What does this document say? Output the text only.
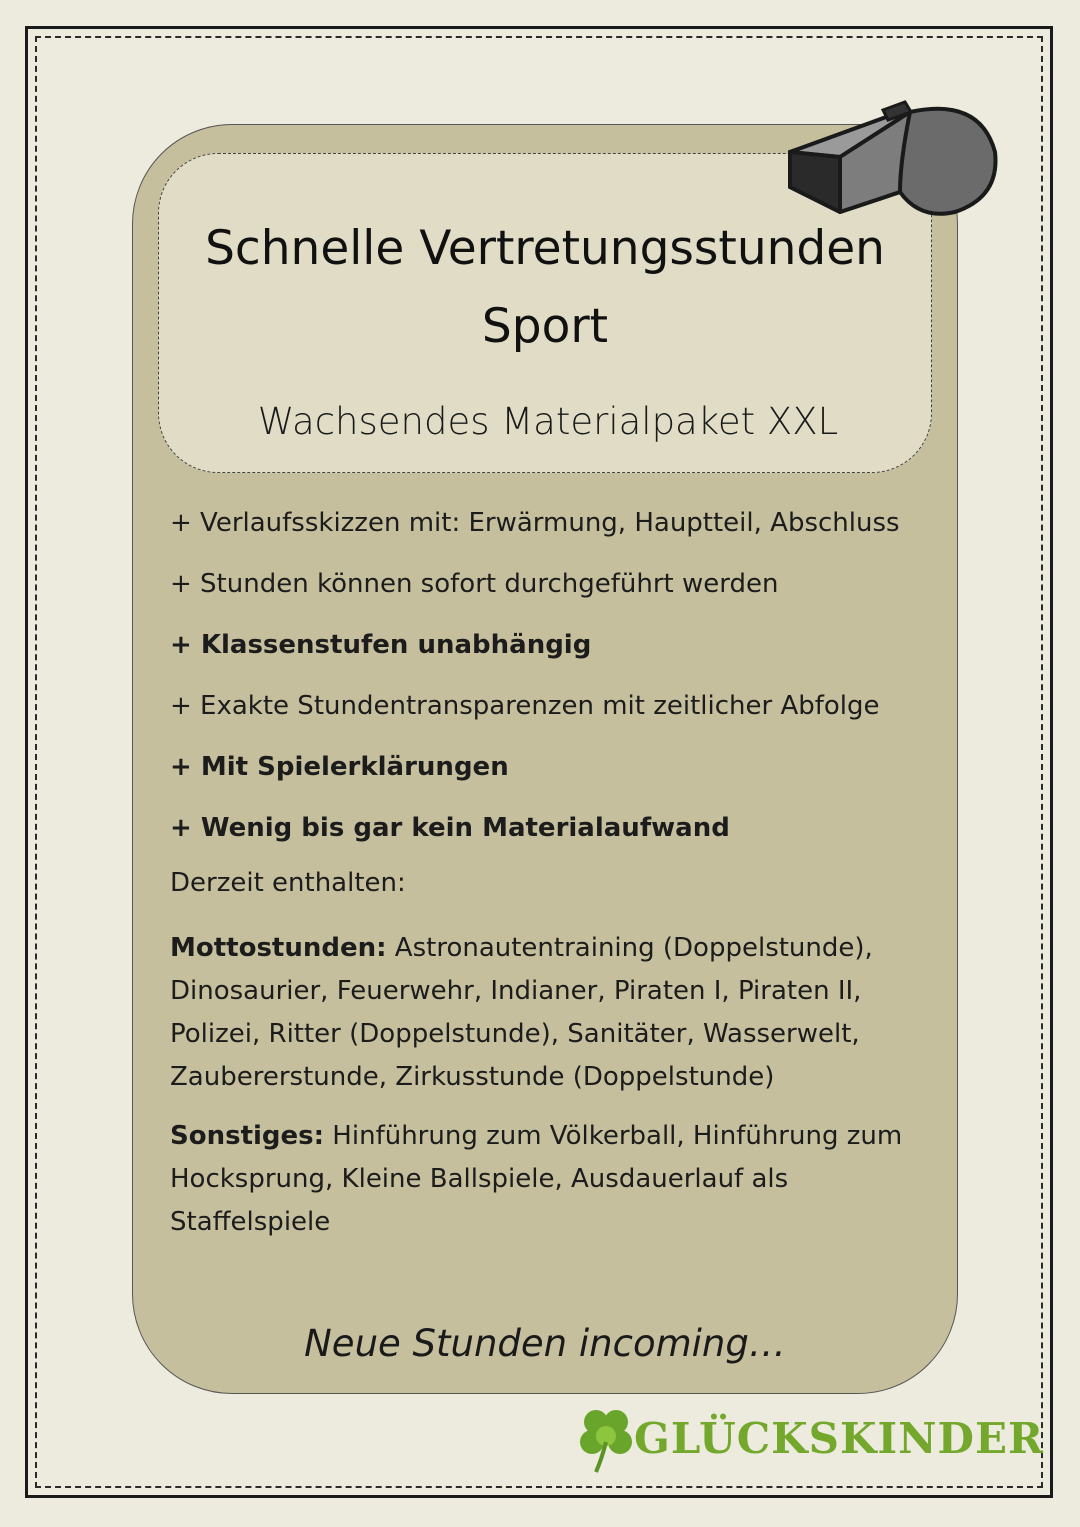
Schnelle Vertretungsstunden
Sport
Wachsendes Materialpaket XXL
+ Verlaufsskizzen mit: Erwärmung, Hauptteil, Abschluss
+ Stunden können sofort durchgeführt werden
+ Klassenstufen unabhängig
+ Exakte Stundentransparenzen mit zeitlicher Abfolge
+ Mit Spielerklärungen
+ Wenig bis gar kein Materialaufwand
Derzeit enthalten:
Mottostunden: Astronautentraining (Doppelstunde), Dinosaurier, Feuerwehr, Indianer, Piraten I, Piraten II, Polizei, Ritter (Doppelstunde), Sanitäter, Wasserwelt, Zaubererstunde, Zirkusstunde (Doppelstunde)
Sonstiges: Hinführung zum Völkerball, Hinführung zum Hocksprung, Kleine Ballspiele, Ausdauerlauf als Staffelspiele
Neue Stunden incoming…
GLÜCKSKINDER
